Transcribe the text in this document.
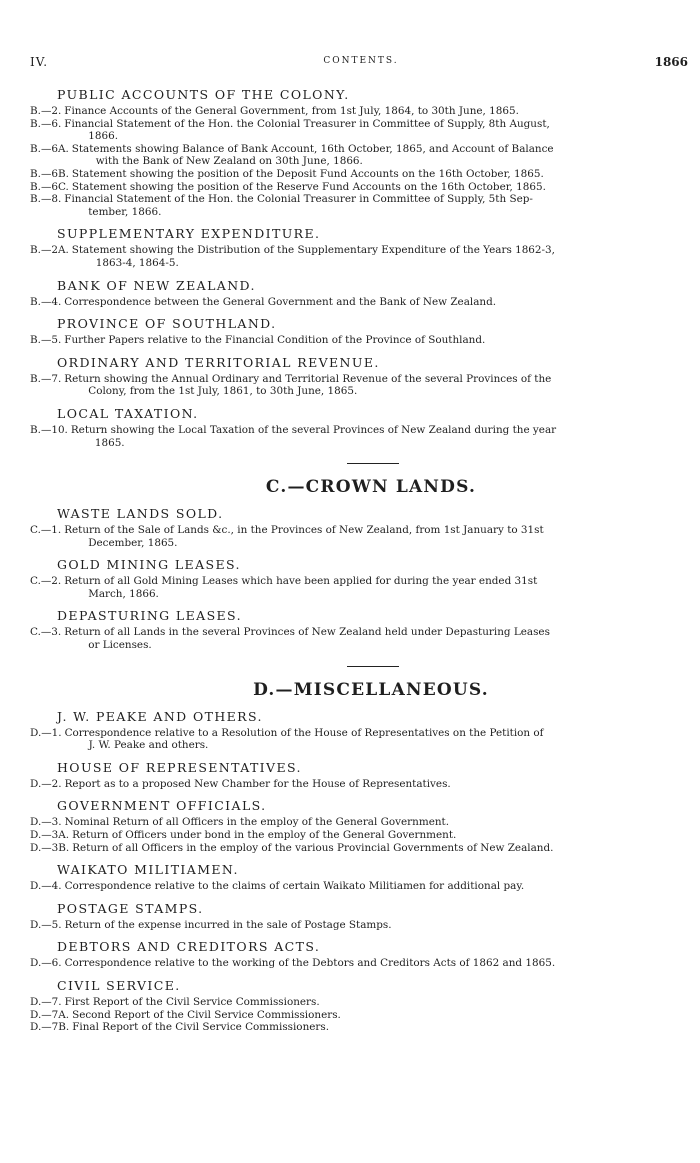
IV.	CONTENTS.	1866
PUBLIC ACCOUNTS OF THE COLONY.
B.—2. Finance Accounts of the General Government, from 1st July, 1864, to 30th June, 1865.
B.—6. Financial Statement of the Hon. the Colonial Treasurer in Committee of Supply, 8th August,
1866.
B.—6A. Statements showing Balance of Bank Account, 16th October, 1865, and Account of Balance
with the Bank of New Zealand on 30th June, 1866.
B.—6B. Statement showing the position of the Deposit Fund Accounts on the 16th October, 1865.
B.—6C. Statement showing the position of the Reserve Fund Accounts on the 16th October, 1865.
B.—8. Financial Statement of the Hon. the Colonial Treasurer in Committee of Supply, 5th Sep-
tember, 1866.
SUPPLEMENTARY EXPENDITURE.
B.—2A. Statement showing the Distribution of the Supplementary Expenditure of the Years 1862-3,
1863-4, 1864-5.
BANK OF NEW ZEALAND.
B.—4. Correspondence between the General Government and the Bank of New Zealand.
PROVINCE OF SOUTHLAND.
B.—5. Further Papers relative to the Financial Condition of the Province of Southland.
ORDINARY AND TERRITORIAL REVENUE.
B.—7. Return showing the Annual Ordinary and Territorial Revenue of the several Provinces of the
Colony, from the 1st July, 1861, to 30th June, 1865.
LOCAL TAXATION.
B.—10. Return showing the Local Taxation of the several Provinces of New Zealand during the year
1865.
C.—CROWN LANDS.
WASTE LANDS SOLD.
C.—1. Return of the Sale of Lands &c., in the Provinces of New Zealand, from 1st January to 31st
December, 1865.
GOLD MINING LEASES.
C.—2. Return of all Gold Mining Leases which have been applied for during the year ended 31st
March, 1866.
DEPASTURING LEASES.
C.—3. Return of all Lands in the several Provinces of New Zealand held under Depasturing Leases
or Licenses.
D.—MISCELLANEOUS.
J. W. PEAKE AND OTHERS.
D.—1. Correspondence relative to a Resolution of the House of Representatives on the Petition of
J. W. Peake and others.
HOUSE OF REPRESENTATIVES.
D.—2. Report as to a proposed New Chamber for the House of Representatives.
GOVERNMENT OFFICIALS.
D.—3. Nominal Return of all Officers in the employ of the General Government.
D.—3A. Return of Officers under bond in the employ of the General Government.
D.—3B. Return of all Officers in the employ of the various Provincial Governments of New Zealand.
WAIKATO MILITIAMEN.
D.—4. Correspondence relative to the claims of certain Waikato Militiamen for additional pay.
POSTAGE STAMPS.
D.—5. Return of the expense incurred in the sale of Postage Stamps.
DEBTORS AND CREDITORS ACTS.
D.—6. Correspondence relative to the working of the Debtors and Creditors Acts of 1862 and 1865.
CIVIL SERVICE.
D.—7. First Report of the Civil Service Commissioners.
D.—7A. Second Report of the Civil Service Commissioners.
D.—7B. Final Report of the Civil Service Commissioners.
